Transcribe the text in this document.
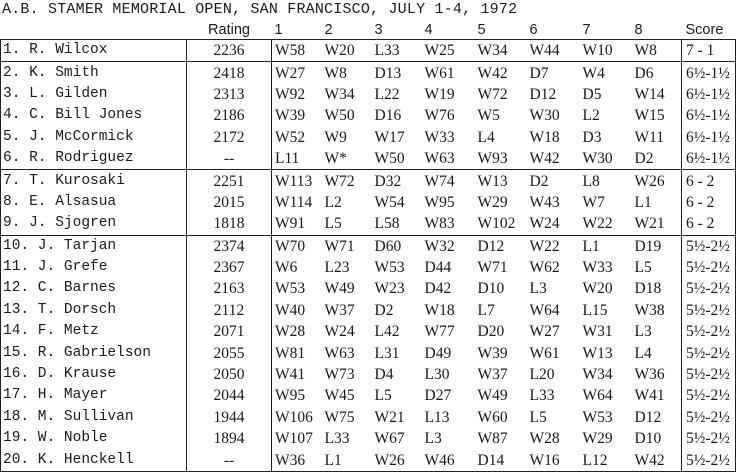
A.B. STAMER MEMORIAL OPEN, SAN FRANCISCO, JULY 1-4, 1972
	Rating	1	2	3	4	5	6	7	8	Score
1. R. Wilcox	2236	W58	W20	L33	W25	W34	W44	W10	W8	7 - 1
2. K. Smith	2418	W27	W8	D13	W61	W42	D7	W4	D6	6½-1½
3. L. Gilden	2313	W92	W34	L22	W19	W72	D12	D5	W14	6½-1½
4. C. Bill Jones	2186	W39	W50	D16	W76	W5	W30	L2	W15	6½-1½
5. J. McCormick	2172	W52	W9	W17	W33	L4	W18	D3	W11	6½-1½
6. R. Rodriguez	--	L11	W*	W50	W63	W93	W42	W30	D2	6½-1½
7. T. Kurosaki	2251	W113	W72	D32	W74	W13	D2	L8	W26	6 - 2
8. E. Alsasua	2015	W114	L2	W54	W95	W29	W43	W7	L1	6 - 2
9. J. Sjogren	1818	W91	L5	L58	W83	W102	W24	W22	W21	6 - 2
10. J. Tarjan	2374	W70	W71	D60	W32	D12	W22	L1	D19	5½-2½
11. J. Grefe	2367	W6	L23	W53	D44	W71	W62	W33	L5	5½-2½
12. C. Barnes	2163	W53	W49	W23	D42	D10	L3	W20	D18	5½-2½
13. T. Dorsch	2112	W40	W37	D2	W18	L7	W64	L15	W38	5½-2½
14. F. Metz	2071	W28	W24	L42	W77	D20	W27	W31	L3	5½-2½
15. R. Gabrielson	2055	W81	W63	L31	D49	W39	W61	W13	L4	5½-2½
16. D. Krause	2050	W41	W73	D4	L30	W37	L20	W34	W36	5½-2½
17. H. Mayer	2044	W95	W45	L5	D27	W49	L33	W64	W41	5½-2½
18. M. Sullivan	1944	W106	W75	W21	L13	W60	L5	W53	D12	5½-2½
19. W. Noble	1894	W107	L33	W67	L3	W87	W28	W29	D10	5½-2½
20. K. Henckell	--	W36	L1	W26	W46	D14	W16	L12	W42	5½-2½
